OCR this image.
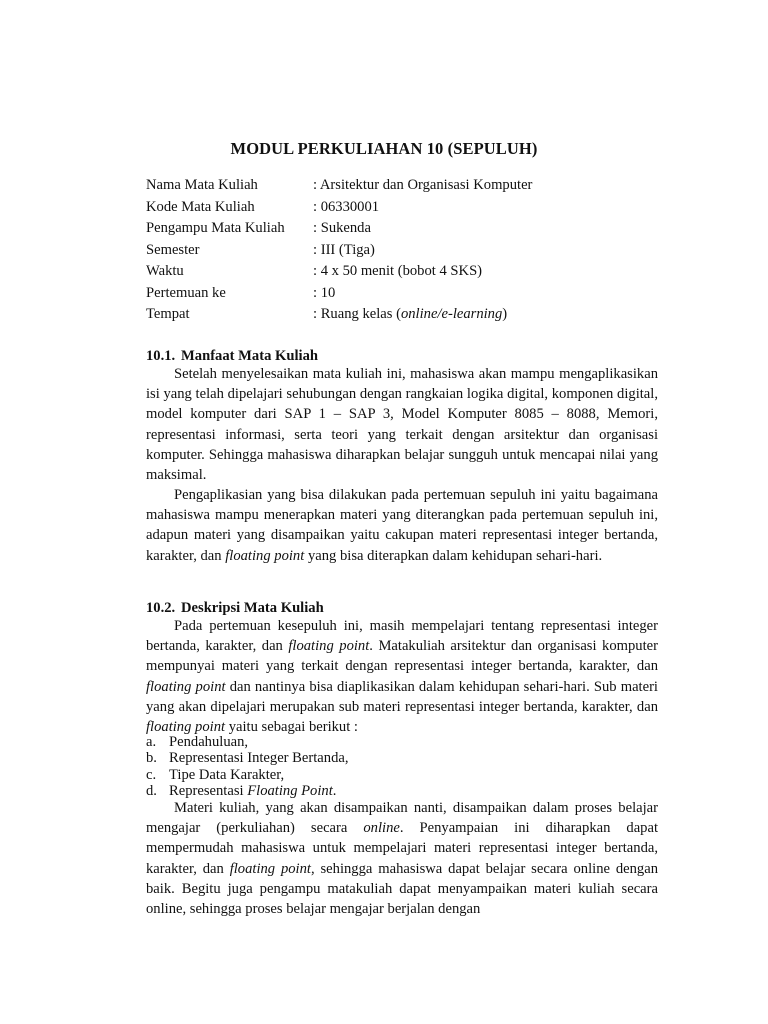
MODUL PERKULIAHAN 10 (SEPULUH)
Nama Mata Kuliah	: Arsitektur dan Organisasi Komputer
Kode Mata Kuliah	: 06330001
Pengampu Mata Kuliah : Sukenda
Semester	: III (Tiga)
Waktu	: 4 x 50 menit (bobot 4 SKS)
Pertemuan ke	: 10
Tempat	: Ruang kelas (online/e-learning)
10.1. Manfaat Mata Kuliah

Setelah menyelesaikan mata kuliah ini, mahasiswa akan mampu mengaplikasikan isi yang telah dipelajari sehubungan dengan rangkaian logika digital, komponen digital, model komputer dari SAP 1 – SAP 3, Model Komputer 8085 – 8088, Memori, representasi informasi, serta teori yang terkait dengan arsitektur dan organisasi komputer. Sehingga mahasiswa diharapkan belajar sungguh untuk mencapai nilai yang maksimal.

Pengaplikasian yang bisa dilakukan pada pertemuan sepuluh ini yaitu bagaimana mahasiswa mampu menerapkan materi yang diterangkan pada pertemuan sepuluh ini, adapun materi yang disampaikan yaitu cakupan materi representasi integer bertanda, karakter, dan floating point yang bisa diterapkan dalam kehidupan sehari-hari.

10.2. Deskripsi Mata Kuliah

Pada pertemuan kesepuluh ini, masih mempelajari tentang representasi integer bertanda, karakter, dan floating point. Matakuliah arsitektur dan organisasi komputer mempunyai materi yang terkait dengan representasi integer bertanda, karakter, dan floating point dan nantinya bisa diaplikasikan dalam kehidupan sehari-hari. Sub materi yang akan dipelajari merupakan sub materi representasi integer bertanda, karakter, dan floating point yaitu sebagai berikut :

a. Pendahuluan,
b. Representasi Integer Bertanda,
c. Tipe Data Karakter,
d. Representasi Floating Point.

Materi kuliah, yang akan disampaikan nanti, disampaikan dalam proses belajar mengajar (perkuliahan) secara online. Penyampaian ini diharapkan dapat mempermudah mahasiswa untuk mempelajari materi representasi integer bertanda, karakter, dan floating point, sehingga mahasiswa dapat belajar secara online dengan baik. Begitu juga pengampu matakuliah dapat menyampaikan materi kuliah secara online, sehingga proses belajar mengajar berjalan dengan
